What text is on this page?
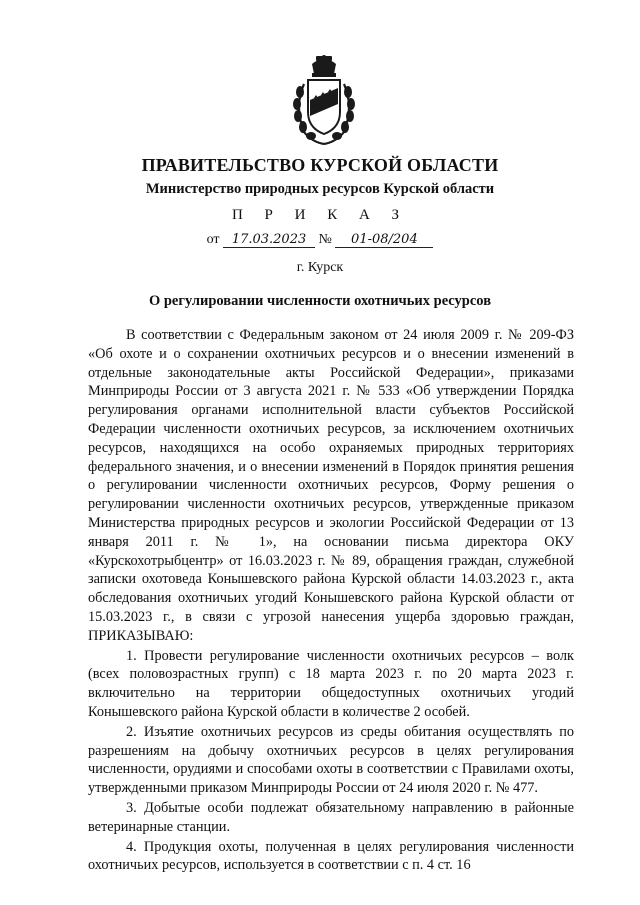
ПРАВИТЕЛЬСТВО КУРСКОЙ ОБЛАСТИ
Министерство природных ресурсов Курской области
П Р И К А З
от 17.03.2023 № 01-08/204
г. Курск
О регулировании численности охотничьих ресурсов

В соответствии с Федеральным законом от 24 июля 2009 г. № 209-ФЗ «Об охоте и о сохранении охотничьих ресурсов и о внесении изменений в отдельные законодательные акты Российской Федерации», приказами Минприроды России от 3 августа 2021 г. № 533 «Об утверждении Порядка регулирования органами исполнительной власти субъектов Российской Федерации численности охотничьих ресурсов, за исключением охотничьих ресурсов, находящихся на особо охраняемых природных территориях федерального значения, и о внесении изменений в Порядок принятия решения о регулировании численности охотничьих ресурсов, Форму решения о регулировании численности охотничьих ресурсов, утвержденные приказом Министерства природных ресурсов и экологии Российской Федерации от 13 января 2011 г. № 1», на основании письма директора ОКУ «Курскохотрыбцентр» от 16.03.2023 г. № 89, обращения граждан, служебной записки охотоведа Конышевского района Курской области 14.03.2023 г., акта обследования охотничьих угодий Конышевского района Курской области от 15.03.2023 г., в связи с угрозой нанесения ущерба здоровью граждан, ПРИКАЗЫВАЮ:

1. Провести регулирование численности охотничьих ресурсов – волк (всех половозрастных групп) с 18 марта 2023 г. по 20 марта 2023 г. включительно на территории общедоступных охотничьих угодий Конышевского района Курской области в количестве 2 особей.

2. Изъятие охотничьих ресурсов из среды обитания осуществлять по разрешениям на добычу охотничьих ресурсов в целях регулирования численности, орудиями и способами охоты в соответствии с Правилами охоты, утвержденными приказом Минприроды России от 24 июля 2020 г. № 477.

3. Добытые особи подлежат обязательному направлению в районные ветеринарные станции.

4. Продукция охоты, полученная в целях регулирования численности охотничьих ресурсов, используется в соответствии с п. 4 ст. 16
